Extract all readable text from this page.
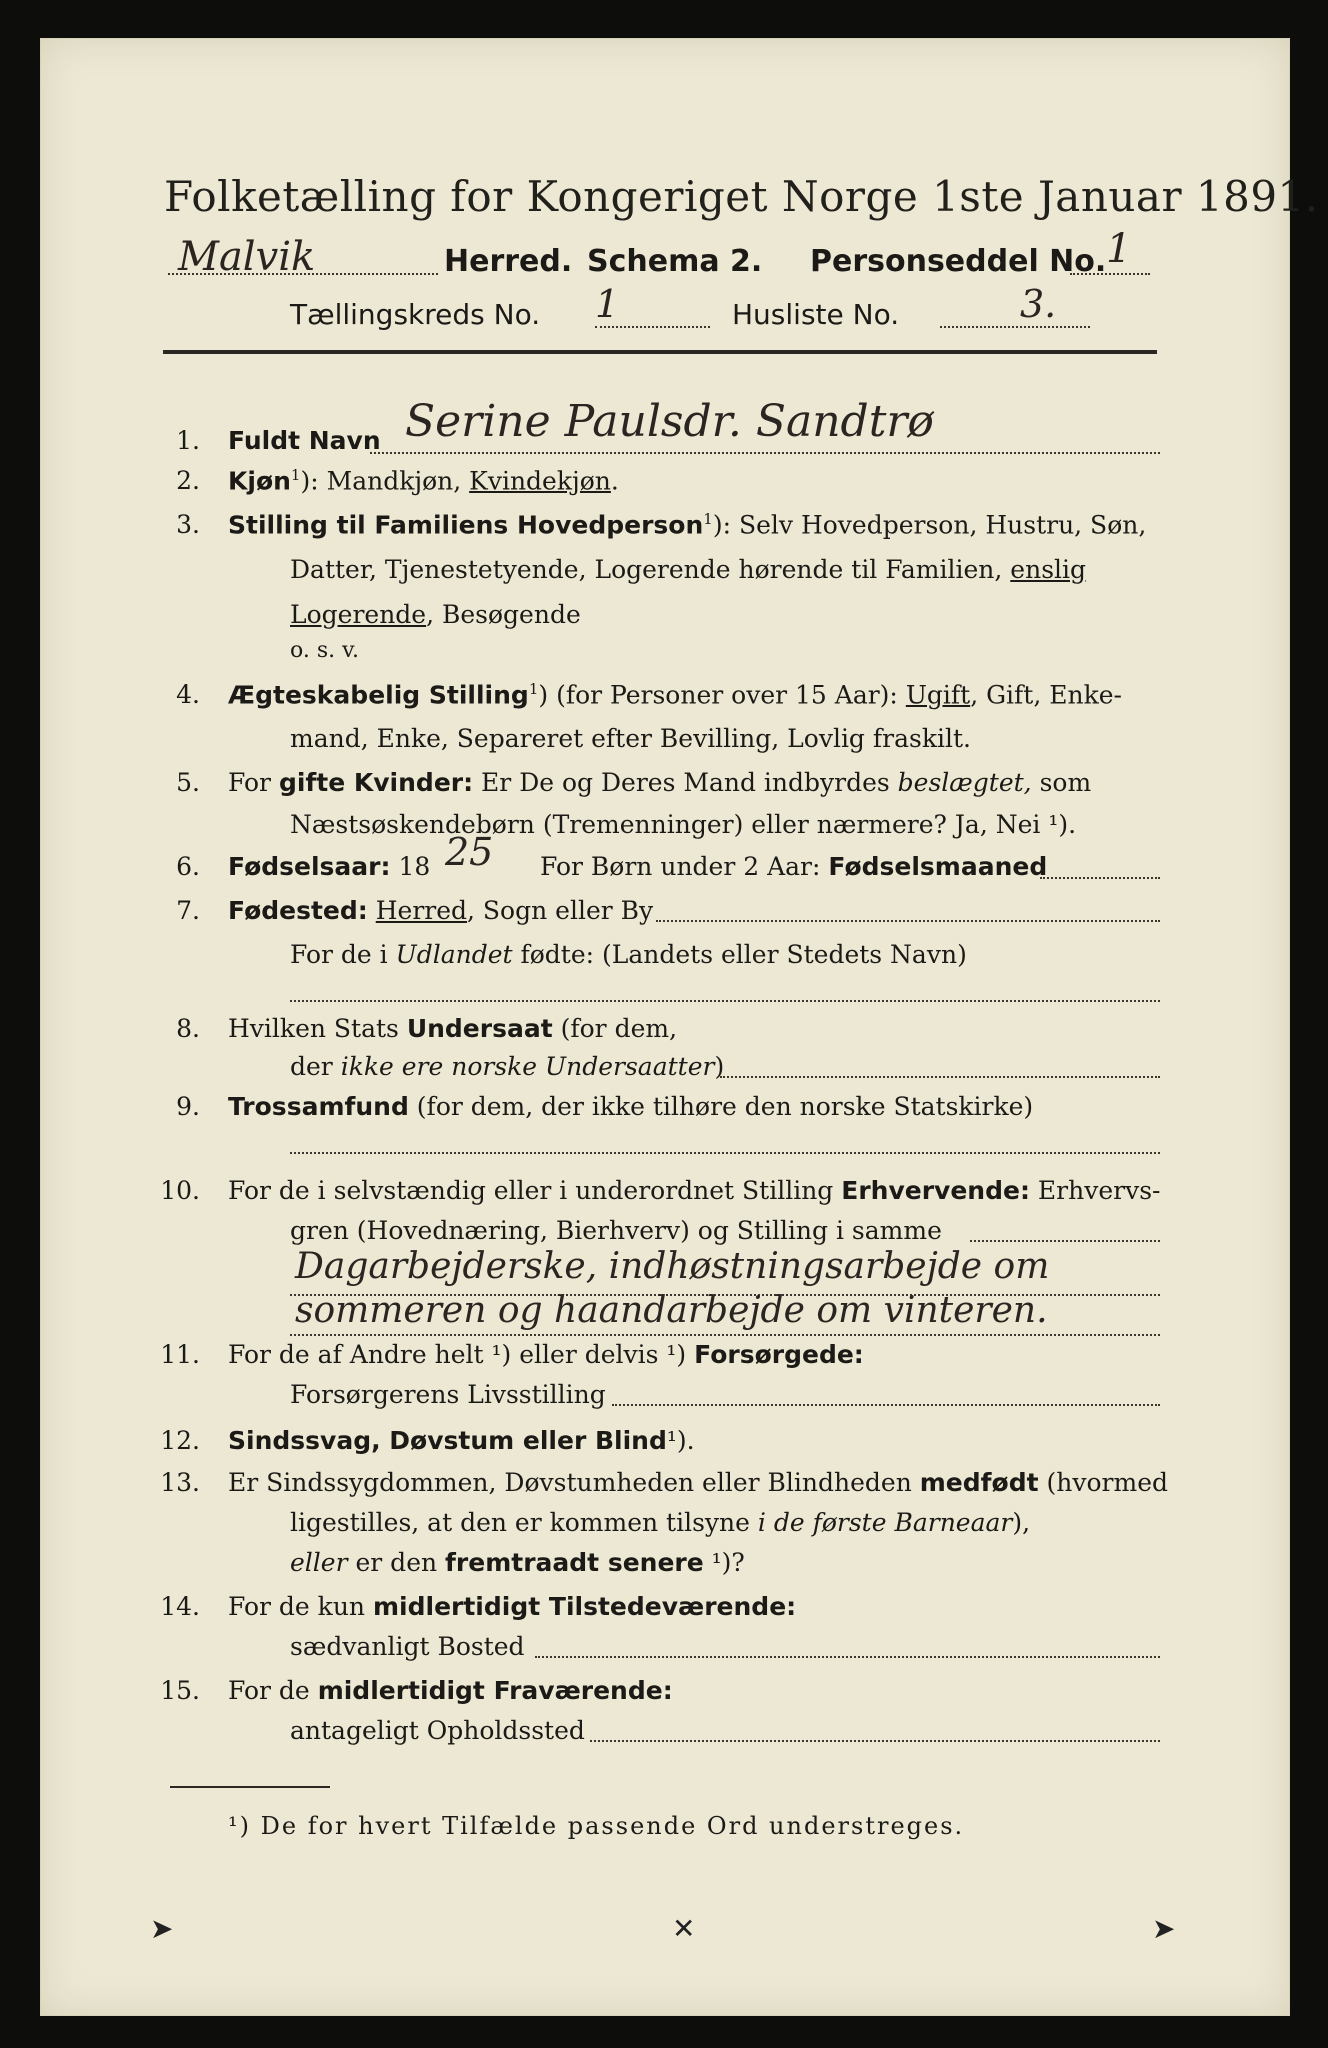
Folketælling for Kongeriget Norge 1ste Januar 1891.
Malvik	Herred. Schema 2. Personseddel No. 1
Tællingskreds No. 1	Husliste No.	3.
1. Fuldt Navn Serine Paulsdr. Sandtrø
2. Kjøn$^1$): Mandkjøn, Kvindekjøn.
3. Stilling til Familiens Hovedperson$^1$): Selv Hovedperson, Hustru, Søn,
Datter, Tjenestetyende, Logerende hørende til Familien, enslig
Logerende, Besøgende
o. s. v.
4. Ægteskabelig Stilling$^1$) (for Personer over 15 Aar): Ugift, Gift, Enke-
mand, Enke, Separeret efter Bevilling, Lovlig fraskilt.
5. For gifte Kvinder: Er De og Deres Mand indbyrdes beslægtet, som
Næstsøskendebørn (Tremenninger) eller nærmere? Ja, Nei ¹).
6. Fødselsaar: 18 25 For Børn under 2 Aar: Fødselsmaaned
7. Fødested: Herred, Sogn eller By
For de i Udlandet fødte: (Landets eller Stedets Navn)
8. Hvilken Stats Undersaat (for dem,
der ikke ere norske Undersaatter)
9. Trossamfund (for dem, der ikke tilhøre den norske Statskirke)
10. For de i selvstændig eller i underordnet Stilling Erhvervende: Erhvervs-
gren (Hovednæring, Bierhverv) og Stilling i samme
Dagarbejderske, indhøstningsarbejde om
sommeren og haandarbejde om vinteren.
11. For de af Andre helt ¹) eller delvis ¹) Forsørgede:
Forsørgerens Livsstilling
12. Sindssvag, Døvstum eller Blind¹).
13. Er Sindssygdommen, Døvstumheden eller Blindheden medfødt (hvormed
ligestilles, at den er kommen tilsyne i de første Barneaar),
eller er den fremtraadt senere ¹)?
14. For de kun midlertidigt Tilstedeværende:
sædvanligt Bosted
15. For de midlertidigt Fraværende:
antageligt Opholdssted
¹) De for hvert Tilfælde passende Ord understreges.
➤	✕	➤
